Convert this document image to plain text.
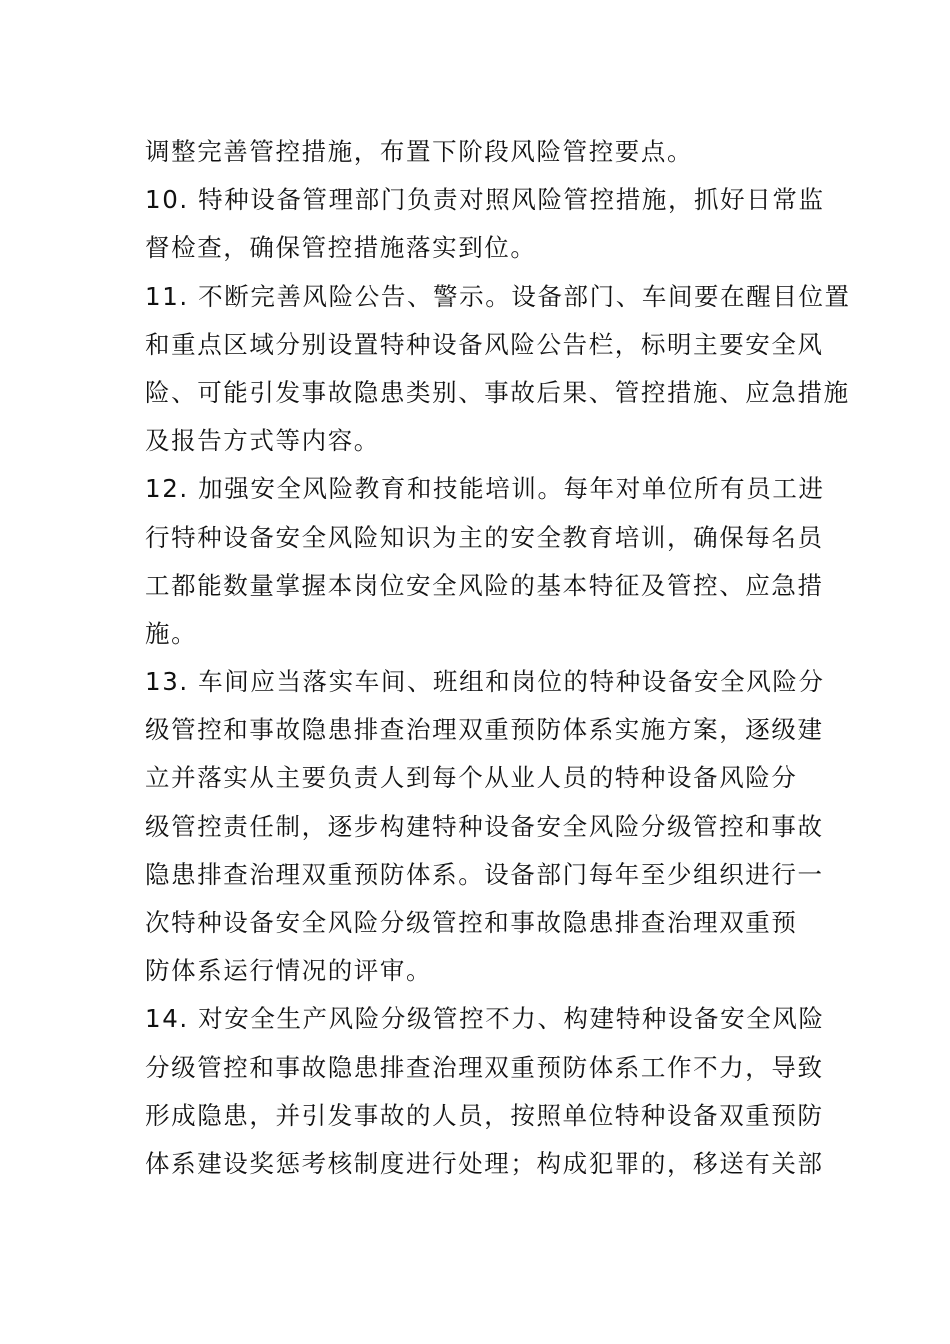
调整完善管控措施，布置下阶段风险管控要点。
10. 特种设备管理部门负责对照风险管控措施，抓好日常监
督检查，确保管控措施落实到位。
11. 不断完善风险公告、警示。设备部门、车间要在醒目位置
和重点区域分别设置特种设备风险公告栏，标明主要安全风
险、可能引发事故隐患类别、事故后果、管控措施、应急措施
及报告方式等内容。
12. 加强安全风险教育和技能培训。每年对单位所有员工进
行特种设备安全风险知识为主的安全教育培训，确保每名员
工都能数量掌握本岗位安全风险的基本特征及管控、应急措
施。
13. 车间应当落实车间、班组和岗位的特种设备安全风险分
级管控和事故隐患排查治理双重预防体系实施方案，逐级建
立并落实从主要负责人到每个从业人员的特种设备风险分
级管控责任制，逐步构建特种设备安全风险分级管控和事故
隐患排查治理双重预防体系。设备部门每年至少组织进行一
次特种设备安全风险分级管控和事故隐患排查治理双重预
防体系运行情况的评审。
14. 对安全生产风险分级管控不力、构建特种设备安全风险
分级管控和事故隐患排查治理双重预防体系工作不力，导致
形成隐患，并引发事故的人员，按照单位特种设备双重预防
体系建设奖惩考核制度进行处理；构成犯罪的，移送有关部
